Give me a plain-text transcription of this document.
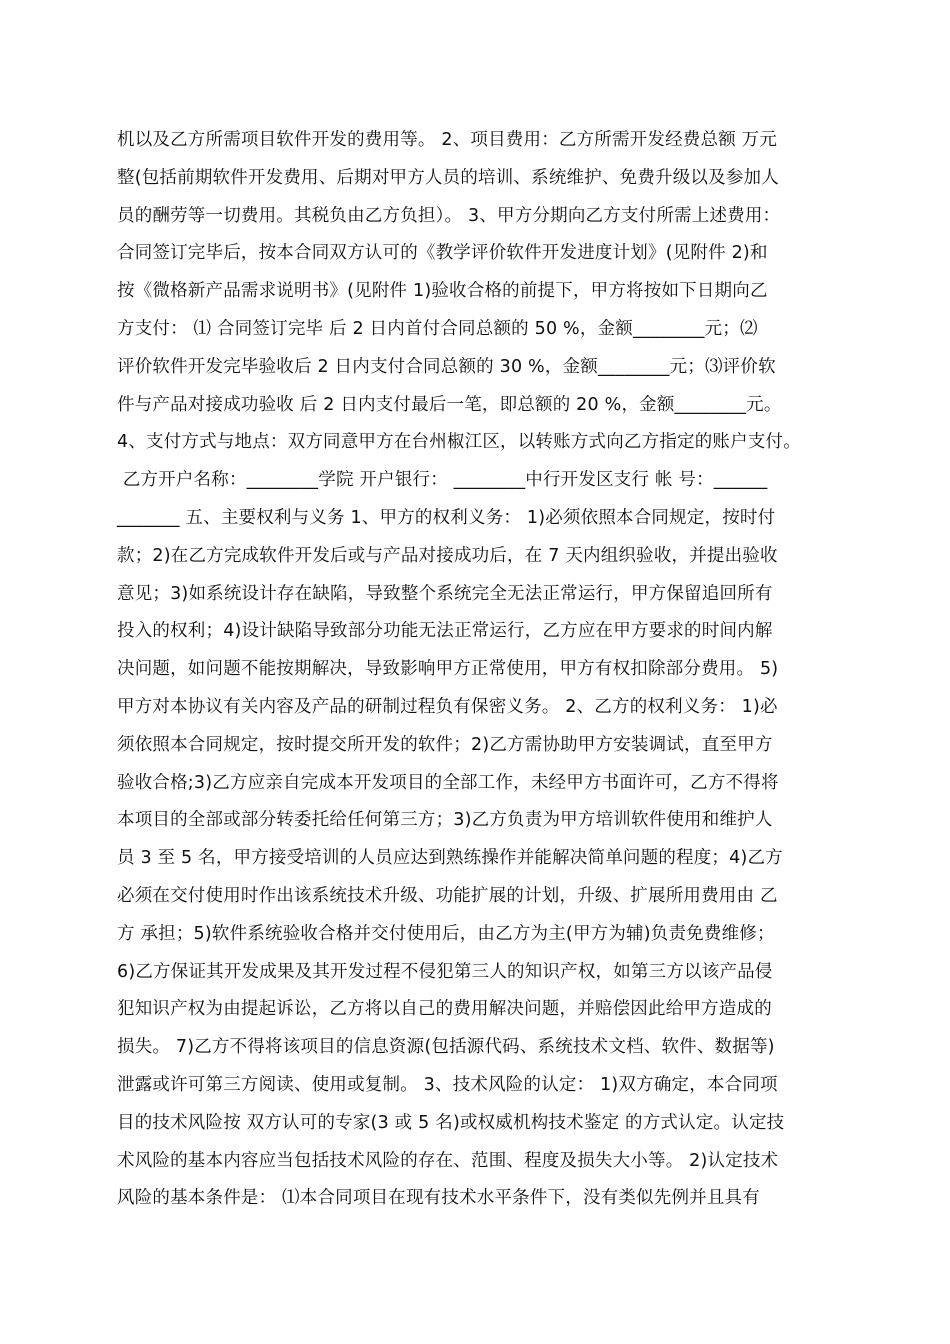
机以及乙方所需项目软件开发的费用等。 2、项目费用：乙方所需开发经费总额 万元
整(包括前期软件开发费用、后期对甲方人员的培训、系统维护、免费升级以及参加人
员的酬劳等一切费用。其税负由乙方负担）。 3、甲方分期向乙方支付所需上述费用：
合同签订完毕后，按本合同双方认可的《教学评价软件开发进度计划》(见附件 2)和
按《微格新产品需求说明书》(见附件 1)验收合格的前提下，甲方将按如下日期向乙
方支付： ⑴ 合同签订完毕 后 2 日内首付合同总额的 50 %，金额________元；⑵
评价软件开发完毕验收后 2 日内支付合同总额的 30 %，金额________元；⑶评价软
件与产品对接成功验收 后 2 日内支付最后一笔，即总额的 20 %，金额________元。
4、支付方式与地点：双方同意甲方在台州椒江区，以转账方式向乙方指定的账户支付。
乙方开户名称：________学院 开户银行： ________中行开发区支行 帐 号：______
_______ 五、主要权利与义务 1、甲方的权利义务： 1)必须依照本合同规定，按时付
款；2)在乙方完成软件开发后或与产品对接成功后，在 7 天内组织验收，并提出验收
意见；3)如系统设计存在缺陷，导致整个系统完全无法正常运行，甲方保留追回所有
投入的权利；4)设计缺陷导致部分功能无法正常运行，乙方应在甲方要求的时间内解
决问题，如问题不能按期解决，导致影响甲方正常使用，甲方有权扣除部分费用。 5)
甲方对本协议有关内容及产品的研制过程负有保密义务。 2、乙方的权利义务： 1)必
须依照本合同规定，按时提交所开发的软件；2)乙方需协助甲方安装调试，直至甲方
验收合格;3)乙方应亲自完成本开发项目的全部工作，未经甲方书面许可，乙方不得将
本项目的全部或部分转委托给任何第三方；3)乙方负责为甲方培训软件使用和维护人
员 3 至 5 名，甲方接受培训的人员应达到熟练操作并能解决简单问题的程度；4)乙方
必须在交付使用时作出该系统技术升级、功能扩展的计划，升级、扩展所用费用由 乙
方 承担；5)软件系统验收合格并交付使用后，由乙方为主(甲方为辅)负责免费维修；
6)乙方保证其开发成果及其开发过程不侵犯第三人的知识产权，如第三方以该产品侵
犯知识产权为由提起诉讼，乙方将以自己的费用解决问题，并赔偿因此给甲方造成的
损失。 7)乙方不得将该项目的信息资源(包括源代码、系统技术文档、软件、数据等)
泄露或许可第三方阅读、使用或复制。 3、技术风险的认定： 1)双方确定，本合同项
目的技术风险按 双方认可的专家(3 或 5 名)或权威机构技术鉴定 的方式认定。认定技
术风险的基本内容应当包括技术风险的存在、范围、程度及损失大小等。 2)认定技术
风险的基本条件是： ⑴本合同项目在现有技术水平条件下，没有类似先例并且具有
